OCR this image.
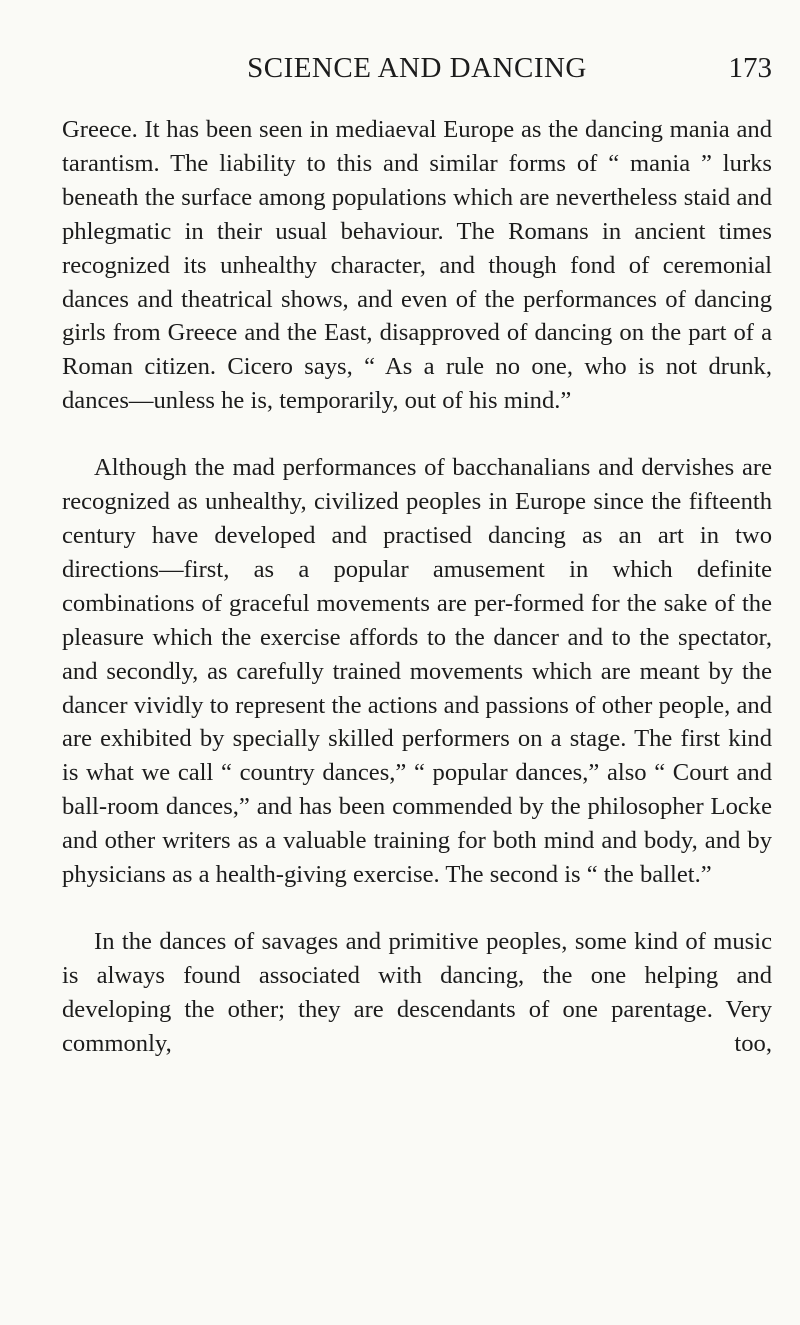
SCIENCE AND DANCING	173

Greece. It has been seen in mediaeval Europe as the dancing mania and tarantism. The liability to this and similar forms of “ mania ” lurks beneath the surface among populations which are nevertheless staid and phlegmatic in their usual behaviour. The Romans in ancient times recognized its unhealthy character, and though fond of ceremonial dances and theatrical shows, and even of the performances of dancing girls from Greece and the East, disapproved of dancing on the part of a Roman citizen. Cicero says, “ As a rule no one, who is not drunk, dances—unless he is, temporarily, out of his mind.”

Although the mad performances of bacchanalians and dervishes are recognized as unhealthy, civilized peoples in Europe since the fifteenth century have developed and practised dancing as an art in two directions—first, as a popular amusement in which definite combinations of graceful movements are per-formed for the sake of the pleasure which the exercise affords to the dancer and to the spectator, and secondly, as carefully trained movements which are meant by the dancer vividly to represent the actions and passions of other people, and are exhibited by specially skilled performers on a stage. The first kind is what we call “ country dances,” “ popular dances,” also “ Court and ball-room dances,” and has been commended by the philosopher Locke and other writers as a valuable training for both mind and body, and by physicians as a health-giving exercise. The second is “ the ballet.”

In the dances of savages and primitive peoples, some kind of music is always found associated with dancing, the one helping and developing the other; they are descendants of one parentage. Very commonly, too,
